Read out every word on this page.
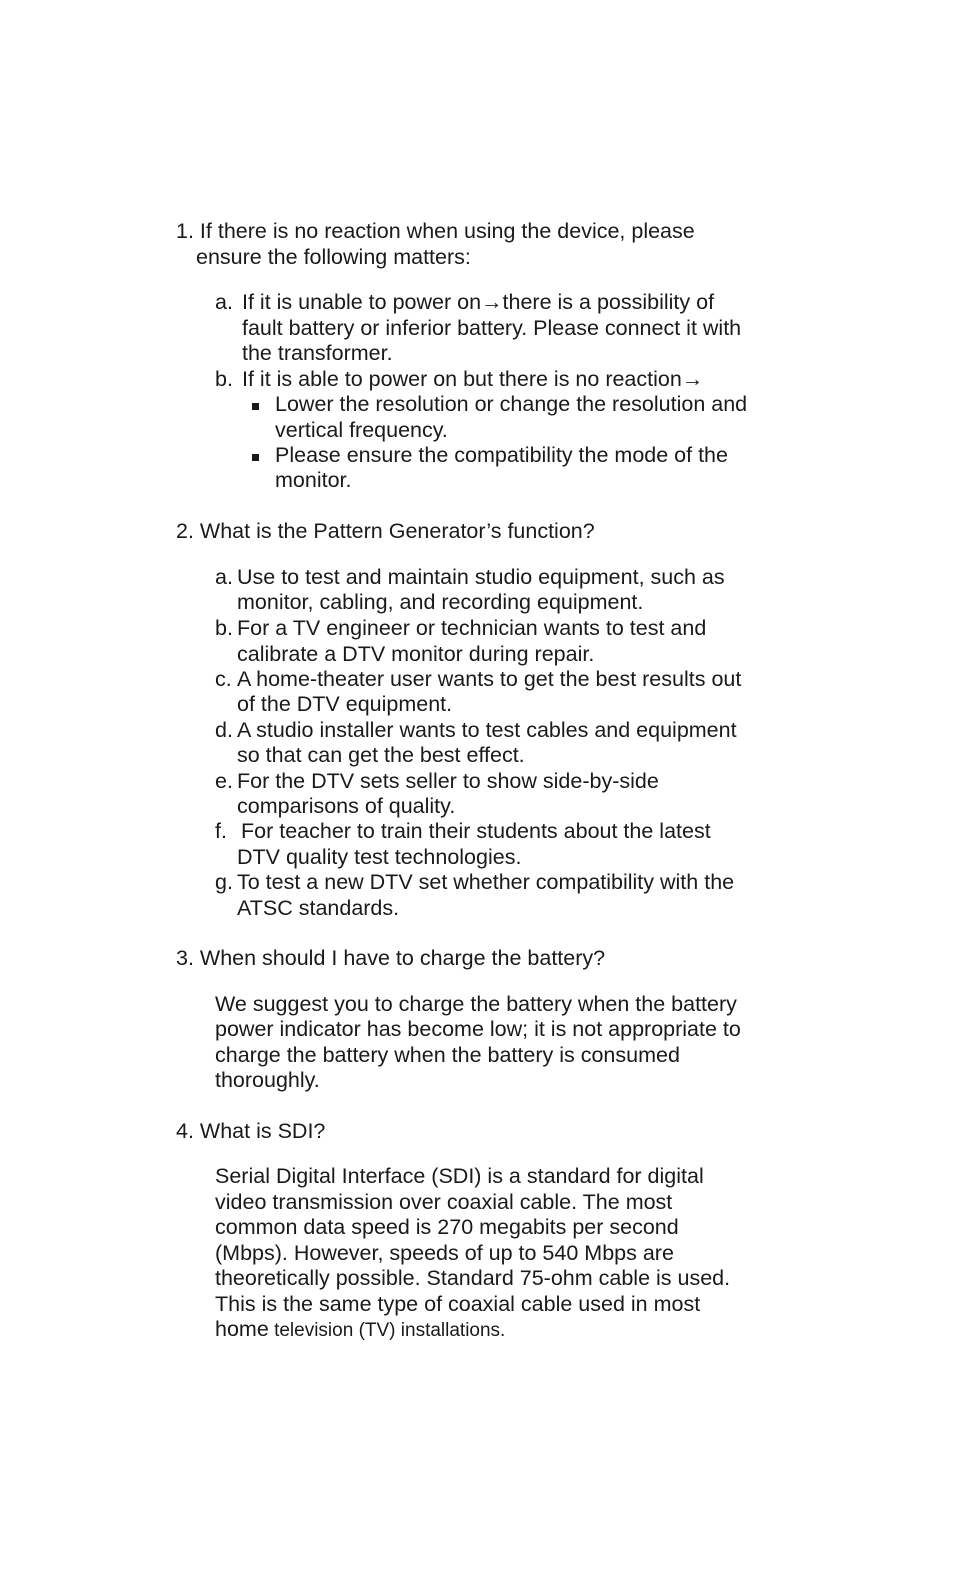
1. If there is no reaction when using the device, please
ensure the following matters:
a. If it is unable to power on→there is a possibility of
fault battery or inferior battery. Please connect it with
the transformer.
b. If it is able to power on but there is no reaction→
Lower the resolution or change the resolution and
vertical frequency.
Please ensure the compatibility the mode of the
monitor.
2. What is the Pattern Generator’s function?
a. Use to test and maintain studio equipment, such as
monitor, cabling, and recording equipment.
b. For a TV engineer or technician wants to test and
calibrate a DTV monitor during repair.
c. A home-theater user wants to get the best results out
of the DTV equipment.
d. A studio installer wants to test cables and equipment
so that can get the best effect.
e. For the DTV sets seller to show side-by-side
comparisons of quality.
f. For teacher to train their students about the latest
DTV quality test technologies.
g. To test a new DTV set whether compatibility with the
ATSC standards.
3. When should I have to charge the battery?
We suggest you to charge the battery when the battery
power indicator has become low; it is not appropriate to
charge the battery when the battery is consumed
thoroughly.
4. What is SDI?
Serial Digital Interface (SDI) is a standard for digital
video transmission over coaxial cable. The most
common data speed is 270 megabits per second
(Mbps). However, speeds of up to 540 Mbps are
theoretically possible. Standard 75-ohm cable is used.
This is the same type of coaxial cable used in most
home television (TV) installations.
